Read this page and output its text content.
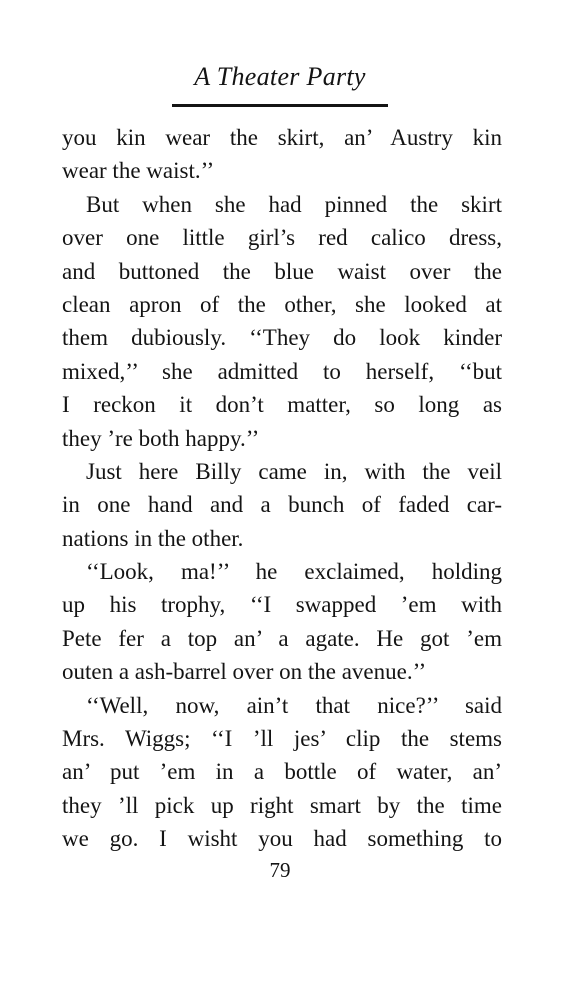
A Theater Party
you kin wear the skirt, an’ Austry kin
wear the waist.’’
But when she had pinned the skirt
over one little girl’s red calico dress,
and buttoned the blue waist over the
clean apron of the other, she looked at
them dubiously. ‘‘They do look kinder
mixed,’’ she admitted to herself, ‘‘but
I reckon it don’t matter, so long as
they ’re both happy.’’
Just here Billy came in, with the veil
in one hand and a bunch of faded car-
nations in the other.
‘‘Look, ma!’’ he exclaimed, holding
up his trophy, ‘‘I swapped ’em with
Pete fer a top an’ a agate. He got ’em
outen a ash-barrel over on the avenue.’’
‘‘Well, now, ain’t that nice?’’ said
Mrs. Wiggs; ‘‘I ’ll jes’ clip the stems
an’ put ’em in a bottle of water, an’
they ’ll pick up right smart by the time
we go. I wisht you had something to
79
